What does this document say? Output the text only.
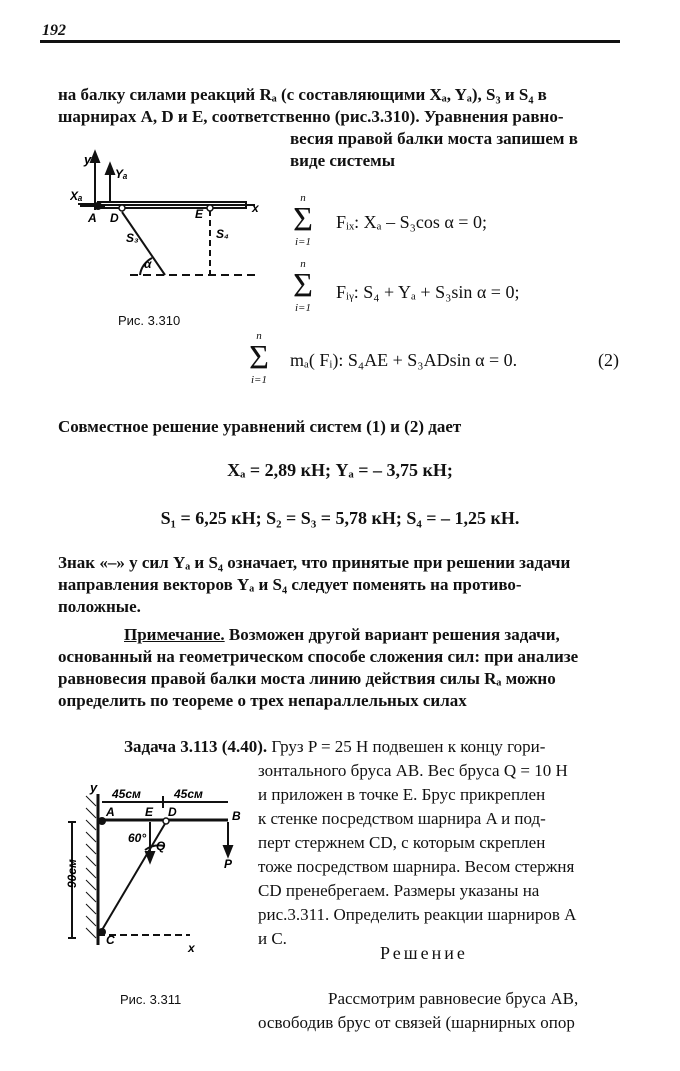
192
на балку силами реакций Rₐ (с составляющими Xₐ, Yₐ), S₃ и S₄ в
шарнирах A, D и E, соответственно (рис.3.310). Уравнения равно-
весия правой балки моста запишем в
виде системы
y
Yₐ
Xₐ
A D	E	x
S₃	S₄
α
Рис. 3.310
n
Σ
i=1
Fᵢₓ: Xₐ – S₃cos α = 0;
n
Σ
i=1
Fᵢᵧ: S₄ + Yₐ + S₃sin α = 0;
n
Σ
i=1
mₐ( Fᵢ): S₄AE + S₃ADsin α = 0.	(2)
Совместное решение уравнений систем (1) и (2) дает
Xₐ = 2,89 кН; Yₐ = – 3,75 кН;
S₁ = 6,25 кН; S₂ = S₃ = 5,78 кН; S₄ = – 1,25 кН.
Знак «–» у сил Yₐ и S₄ означает, что принятые при решении задачи
направления векторов Yₐ и S₄ следует поменять на противо-
положные.
Примечание. Возможен другой вариант решения задачи,
основанный на геометрическом способе сложения сил: при анализе
равновесия правой балки моста линию действия силы Rₐ можно
определить по теореме о трех непараллельных силах
Задача 3.113 (4.40). Груз P = 25 Н подвешен к концу гори-
зонтального бруса AB. Вес бруса Q = 10 Н
и приложен в точке E. Брус прикреплен
к стенке посредством шарнира A и под-
перт стержнем CD, с которым скреплен
тоже посредством шарнира. Весом стержня
CD пренебрегаем. Размеры указаны на
рис.3.311. Определить реакции шарниров A
и C.
Решение
y 45см	45см
A	E D	B
60°
Q
P
90см
C
x
Рис. 3.311	Рассмотрим равновесие бруса AB,
освободив брус от связей (шарнирных опор
